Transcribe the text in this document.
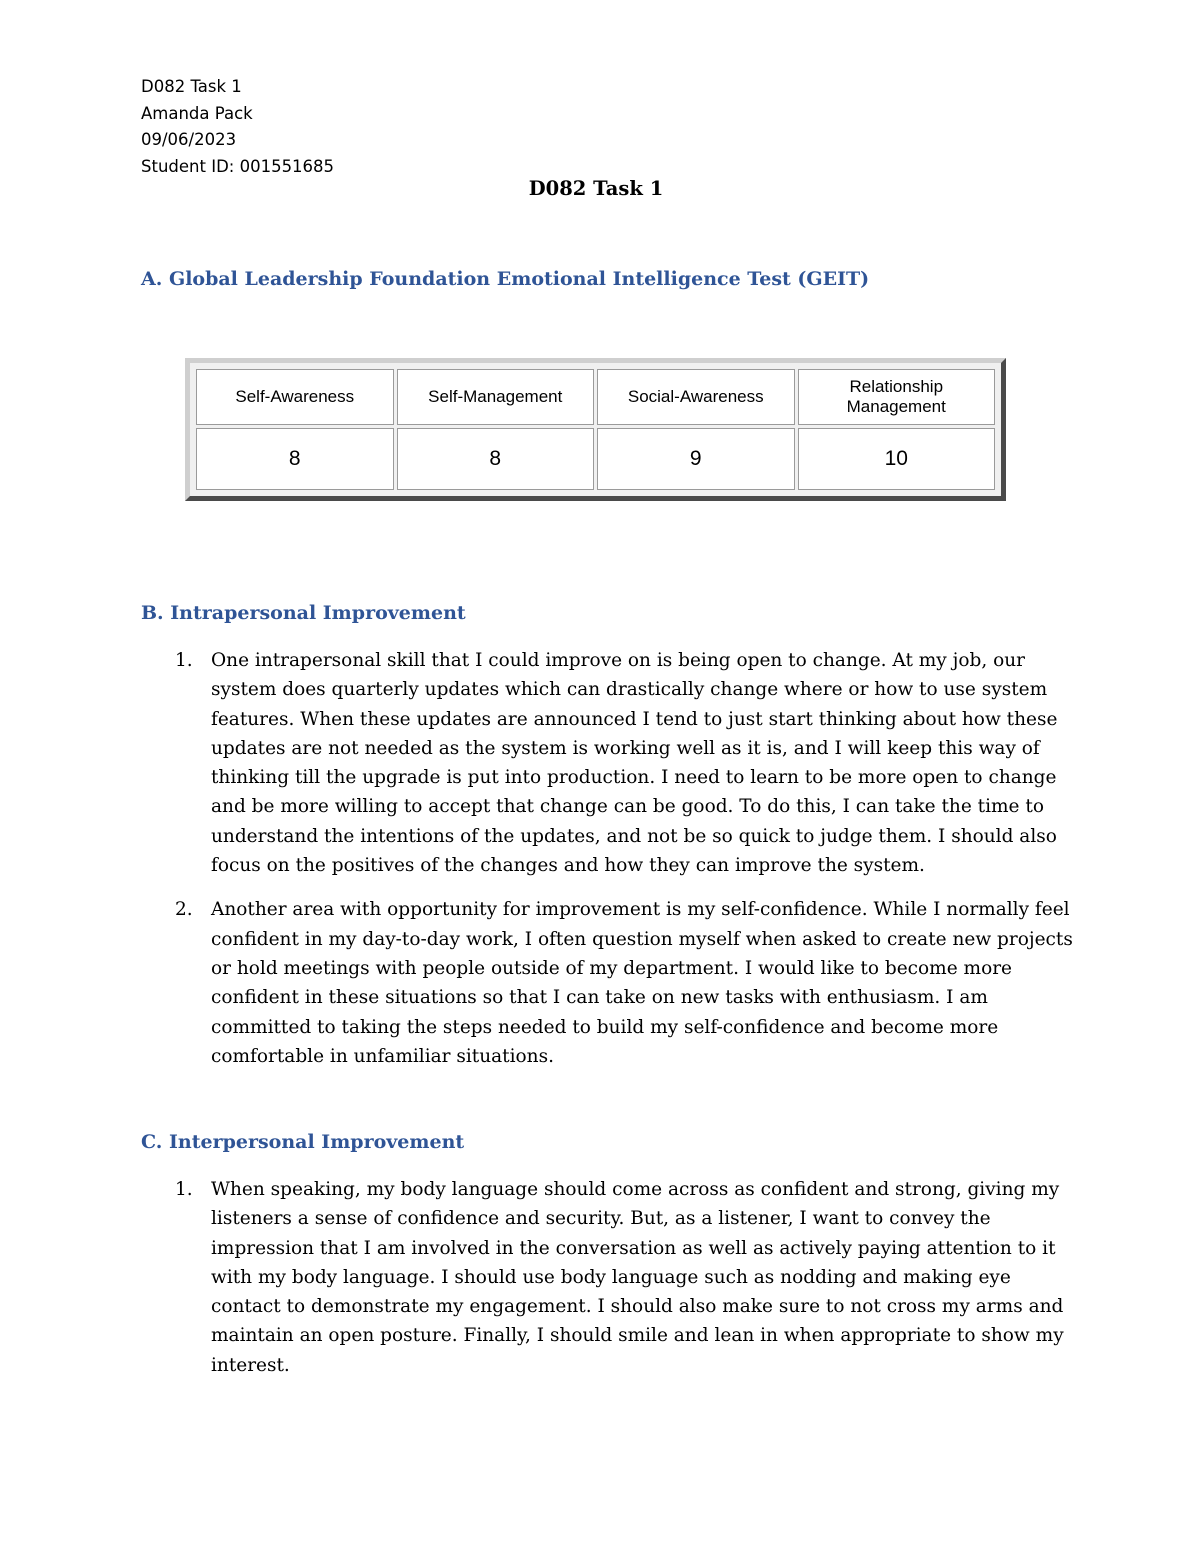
D082 Task 1
Amanda Pack
09/06/2023
Student ID: 001551685
D082 Task 1
A. Global Leadership Foundation Emotional Intelligence Test (GEIT)
Self-Awareness	Self-Management	Social-Awareness	Relationship Management
8	8	9	10
B. Intrapersonal Improvement
1. One intrapersonal skill that I could improve on is being open to change. At my job, our system does quarterly updates which can drastically change where or how to use system features. When these updates are announced I tend to just start thinking about how these updates are not needed as the system is working well as it is, and I will keep this way of thinking till the upgrade is put into production. I need to learn to be more open to change and be more willing to accept that change can be good. To do this, I can take the time to understand the intentions of the updates, and not be so quick to judge them. I should also focus on the positives of the changes and how they can improve the system.
2. Another area with opportunity for improvement is my self-confidence. While I normally feel confident in my day-to-day work, I often question myself when asked to create new projects or hold meetings with people outside of my department. I would like to become more confident in these situations so that I can take on new tasks with enthusiasm. I am committed to taking the steps needed to build my self-confidence and become more comfortable in unfamiliar situations.
C. Interpersonal Improvement
1. When speaking, my body language should come across as confident and strong, giving my listeners a sense of confidence and security. But, as a listener, I want to convey the impression that I am involved in the conversation as well as actively paying attention to it with my body language. I should use body language such as nodding and making eye contact to demonstrate my engagement. I should also make sure to not cross my arms and maintain an open posture. Finally, I should smile and lean in when appropriate to show my interest.
